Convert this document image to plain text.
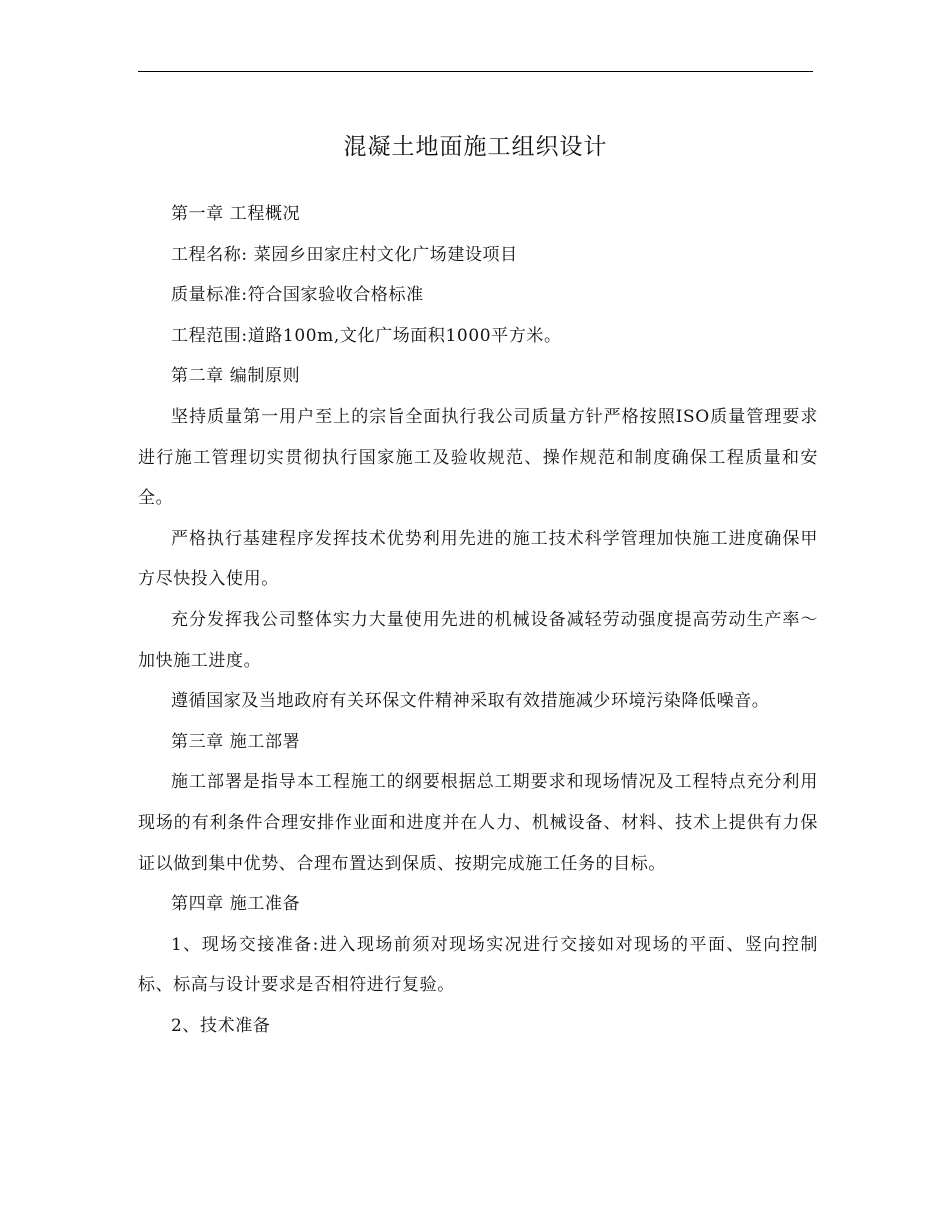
混凝土地面施工组织设计

第一章 工程概况

工程名称: 菜园乡田家庄村文化广场建设项目

质量标准:符合国家验收合格标准

工程范围:道路100m,文化广场面积1000平方米。

第二章 编制原则

坚持质量第一用户至上的宗旨全面执行我公司质量方针严格按照ISO质量管理要求进行施工管理切实贯彻执行国家施工及验收规范、操作规范和制度确保工程质量和安全。

严格执行基建程序发挥技术优势利用先进的施工技术科学管理加快施工进度确保甲方尽快投入使用。

充分发挥我公司整体实力大量使用先进的机械设备减轻劳动强度提高劳动生产率～加快施工进度。

遵循国家及当地政府有关环保文件精神采取有效措施减少环境污染降低噪音。

第三章 施工部署

施工部署是指导本工程施工的纲要根据总工期要求和现场情况及工程特点充分利用现场的有利条件合理安排作业面和进度并在人力、机械设备、材料、技术上提供有力保证以做到集中优势、合理布置达到保质、按期完成施工任务的目标。

第四章 施工准备

1、现场交接准备:进入现场前须对现场实况进行交接如对现场的平面、竖向控制标、标高与设计要求是否相符进行复验。

2、技术准备
